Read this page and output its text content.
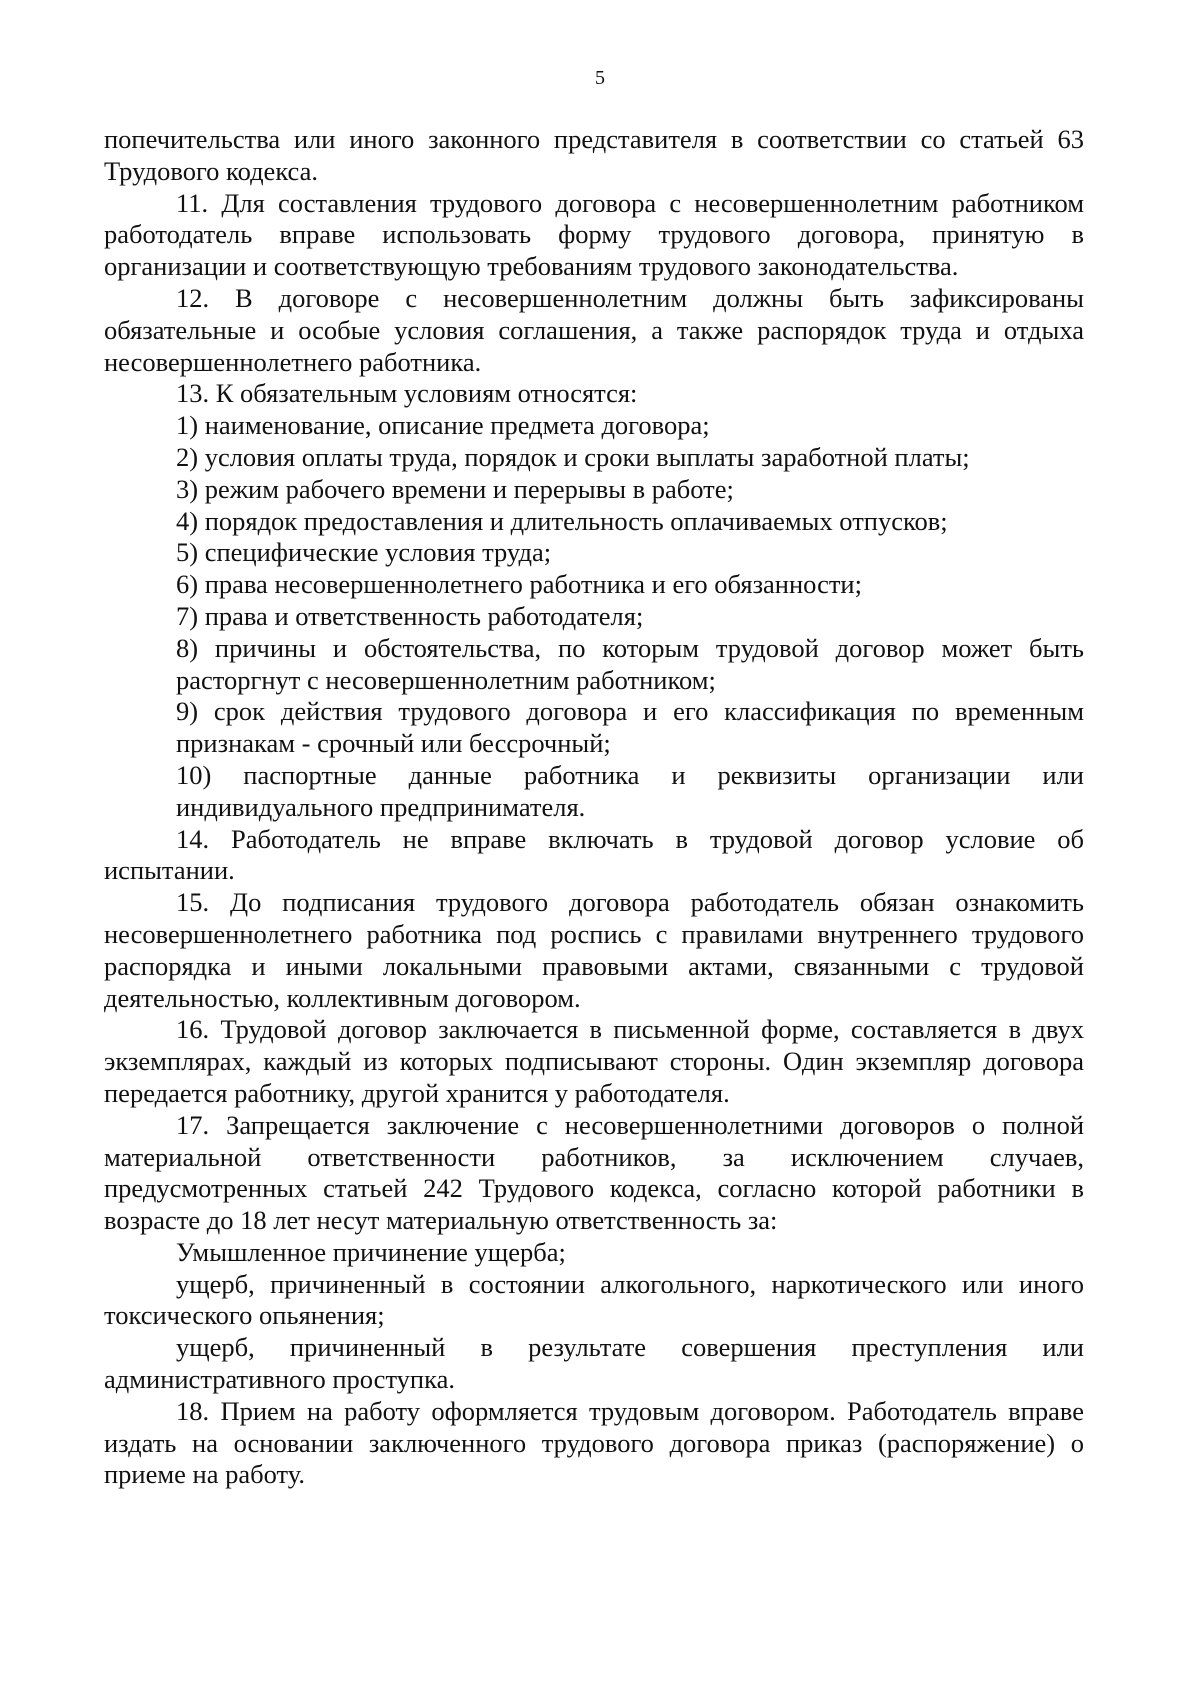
5

попечительства или иного законного представителя в соответствии со статьей 63 Трудового кодекса.

11. Для составления трудового договора с несовершеннолетним работником работодатель вправе использовать форму трудового договора, принятую в организации и соответствующую требованиям трудового законодательства.

12. В договоре с несовершеннолетним должны быть зафиксированы обязательные и особые условия соглашения, а также распорядок труда и отдыха несовершеннолетнего работника.

13. К обязательным условиям относятся:

1) наименование, описание предмета договора;

2) условия оплаты труда, порядок и сроки выплаты заработной платы;

3) режим рабочего времени и перерывы в работе;

4) порядок предоставления и длительность оплачиваемых отпусков;

5) специфические условия труда;

6) права несовершеннолетнего работника и его обязанности;

7) права и ответственность работодателя;

8) причины и обстоятельства, по которым трудовой договор может быть расторгнут с несовершеннолетним работником;

9) срок действия трудового договора и его классификация по временным признакам - срочный или бессрочный;

10) паспортные данные работника и реквизиты организации или индивидуального предпринимателя.

14. Работодатель не вправе включать в трудовой договор условие об испытании.

15. До подписания трудового договора работодатель обязан ознакомить несовершеннолетнего работника под роспись с правилами внутреннего трудового распорядка и иными локальными правовыми актами, связанными с трудовой деятельностью, коллективным договором.

16. Трудовой договор заключается в письменной форме, составляется в двух экземплярах, каждый из которых подписывают стороны. Один экземпляр договора передается работнику, другой хранится у работодателя.

17. Запрещается заключение с несовершеннолетними договоров о полной материальной ответственности работников, за исключением случаев, предусмотренных статьей 242 Трудового кодекса, согласно которой работники в возрасте до 18 лет несут материальную ответственность за:

Умышленное причинение ущерба;

ущерб, причиненный в состоянии алкогольного, наркотического или иного токсического опьянения;

ущерб, причиненный в результате совершения преступления или административного проступка.

18. Прием на работу оформляется трудовым договором. Работодатель вправе издать на основании заключенного трудового договора приказ (распоряжение) о приеме на работу.
